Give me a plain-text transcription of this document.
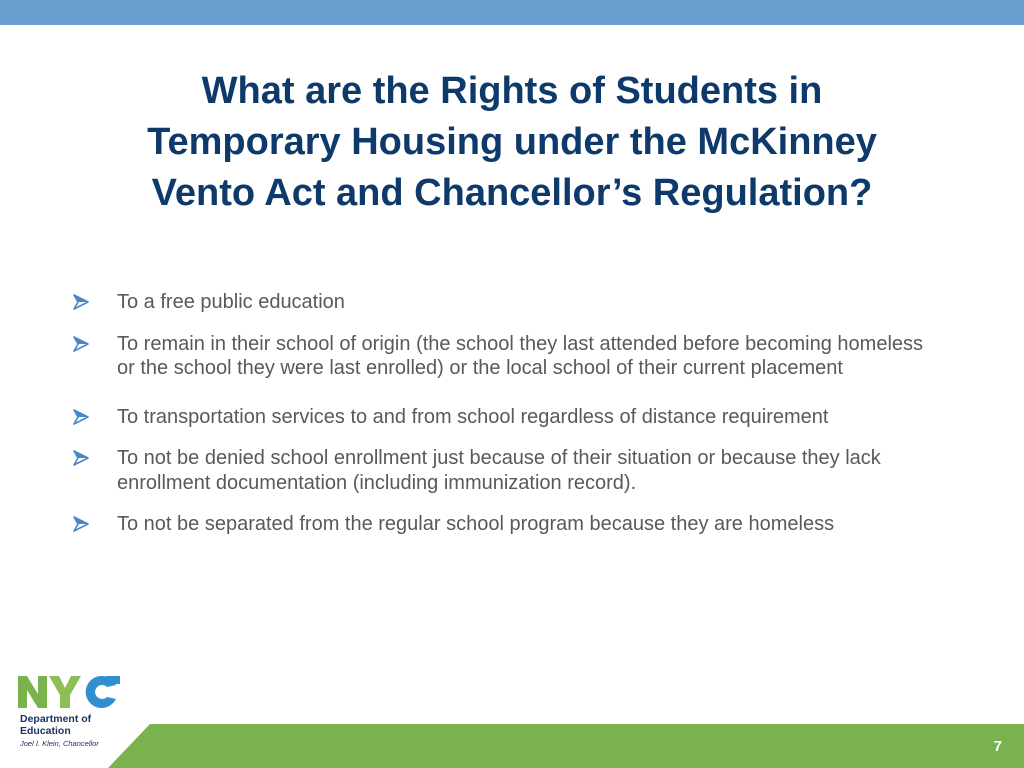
What are the Rights of Students in
Temporary Housing under the McKinney
Vento Act and Chancellor’s Regulation?
To a free public education
To remain in their school of origin (the school they last attended before becoming homeless or the school they were last enrolled) or the local school of their current placement
To transportation services to and from school regardless of distance requirement
To not be denied school enrollment just because of their situation or because they lack enrollment documentation (including immunization record).
To not be separated from the regular school program because they are homeless
7
Department of
Education
Joel I. Klein, Chancellor
